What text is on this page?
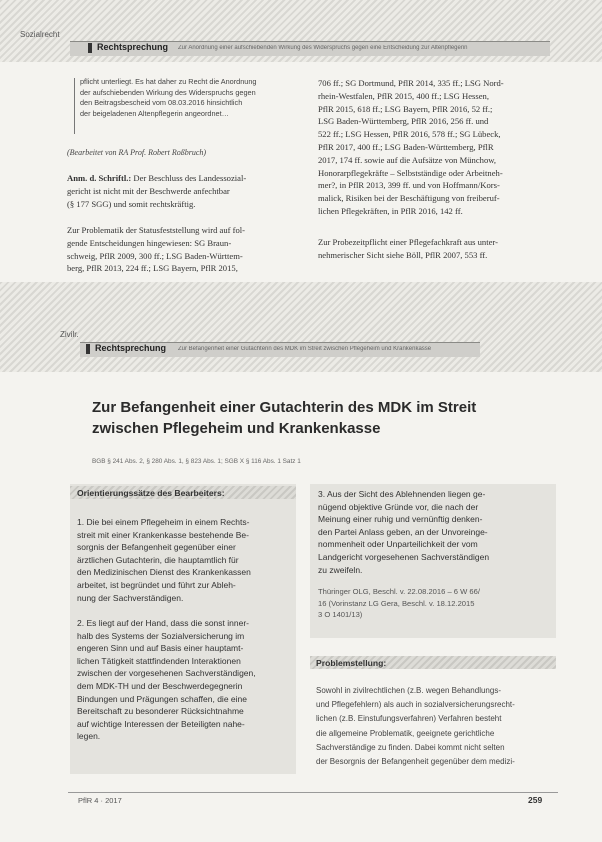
Sozialrecht
Rechtsprechung Zur Anordnung einer aufschiebenden Wirkung des Widerspruchs gegen eine Entscheidung zur Altenpflegerin
pflicht unterliegt. Es hat daher zu Recht die Anordnung
der aufschiebenden Wirkung des Widerspruchs gegen
den Beitragsbescheid vom 08.03.2016 hinsichtlich
der beigeladenen Altenpflegerin angeordnet…
(Bearbeitet von RA Prof. Robert Roßbruch)
Anm. d. Schriftl.: Der Beschluss des Landessozial-
gericht ist nicht mit der Beschwerde anfechtbar
(§ 177 SGG) und somit rechtskräftig.
Zur Problematik der Statusfeststellung wird auf fol-
gende Entscheidungen hingewiesen: SG Braun-
schweig, PflR 2009, 300 ff.; LSG Baden-Württem-
berg, PflR 2013, 224 ff.; LSG Bayern, PflR 2015,
706 ff.; SG Dortmund, PflR 2014, 335 ff.; LSG Nord-
rhein-Westfalen, PflR 2015, 400 ff.; LSG Hessen,
PflR 2015, 618 ff.; LSG Bayern, PflR 2016, 52 ff.;
LSG Baden-Württemberg, PflR 2016, 256 ff. und
522 ff.; LSG Hessen, PflR 2016, 578 ff.; SG Lübeck,
PflR 2017, 400 ff.; LSG Baden-Württemberg, PflR
2017, 174 ff. sowie auf die Aufsätze von Münchow,
Honorarpflegekräfte – Selbstständige oder Arbeitneh-
mer?, in PflR 2013, 399 ff. und von Hoffmann/Kors-
malick, Risiken bei der Beschäftigung von freiberuf-
lichen Pflegekräften, in PflR 2016, 142 ff.
Zur Probezeitpflicht einer Pflegefachkraft aus unter-
nehmerischer Sicht siehe Böll, PflR 2007, 553 ff.
Zivilr.
Rechtsprechung Zur Befangenheit einer Gutachterin des MDK im Streit zwischen Pflegeheim und Krankenkasse
Zur Befangenheit einer Gutachterin des MDK im Streit
zwischen Pflegeheim und Krankenkasse
BGB § 241 Abs. 2, § 280 Abs. 1, § 823 Abs. 1; SGB X § 116 Abs. 1 Satz 1
Orientierungssätze des Bearbeiters:
1. Die bei einem Pflegeheim in einem Rechts-
streit mit einer Krankenkasse bestehende Be-
sorgnis der Befangenheit gegenüber einer
ärztlichen Gutachterin, die hauptamtlich für
den Medizinischen Dienst des Krankenkassen
arbeitet, ist begründet und führt zur Ableh-
nung der Sachverständigen.
2. Es liegt auf der Hand, dass die sonst inner-
halb des Systems der Sozialversicherung im
engeren Sinn und auf Basis einer hauptamt-
lichen Tätigkeit stattfindenden Interaktionen
zwischen der vorgesehenen Sachverständigen,
dem MDK-TH und der Beschwerdegegnerin
Bindungen und Prägungen schaffen, die eine
Bereitschaft zu besonderer Rücksichtnahme
auf wichtige Interessen der Beteiligten nahe-
legen.
3. Aus der Sicht des Ablehnenden liegen ge-
nügend objektive Gründe vor, die nach der
Meinung einer ruhig und vernünftig denken-
den Partei Anlass geben, an der Unvoreinge-
nommenheit oder Unparteilichkeit der vom
Landgericht vorgesehenen Sachverständigen
zu zweifeln.
Thüringer OLG, Beschl. v. 22.08.2016 – 6 W 66/
16 (Vorinstanz LG Gera, Beschl. v. 18.12.2015
3 O 1401/13)
Problemstellung:
Sowohl in zivilrechtlichen (z.B. wegen Behandlungs-
und Pflegefehlern) als auch in sozialversicherungsrecht-
lichen (z.B. Einstufungsverfahren) Verfahren besteht
die allgemeine Problematik, geeignete gerichtliche
Sachverständige zu finden. Dabei kommt nicht selten
der Besorgnis der Befangenheit gegenüber dem medizi-
PflR 4 · 2017	259
